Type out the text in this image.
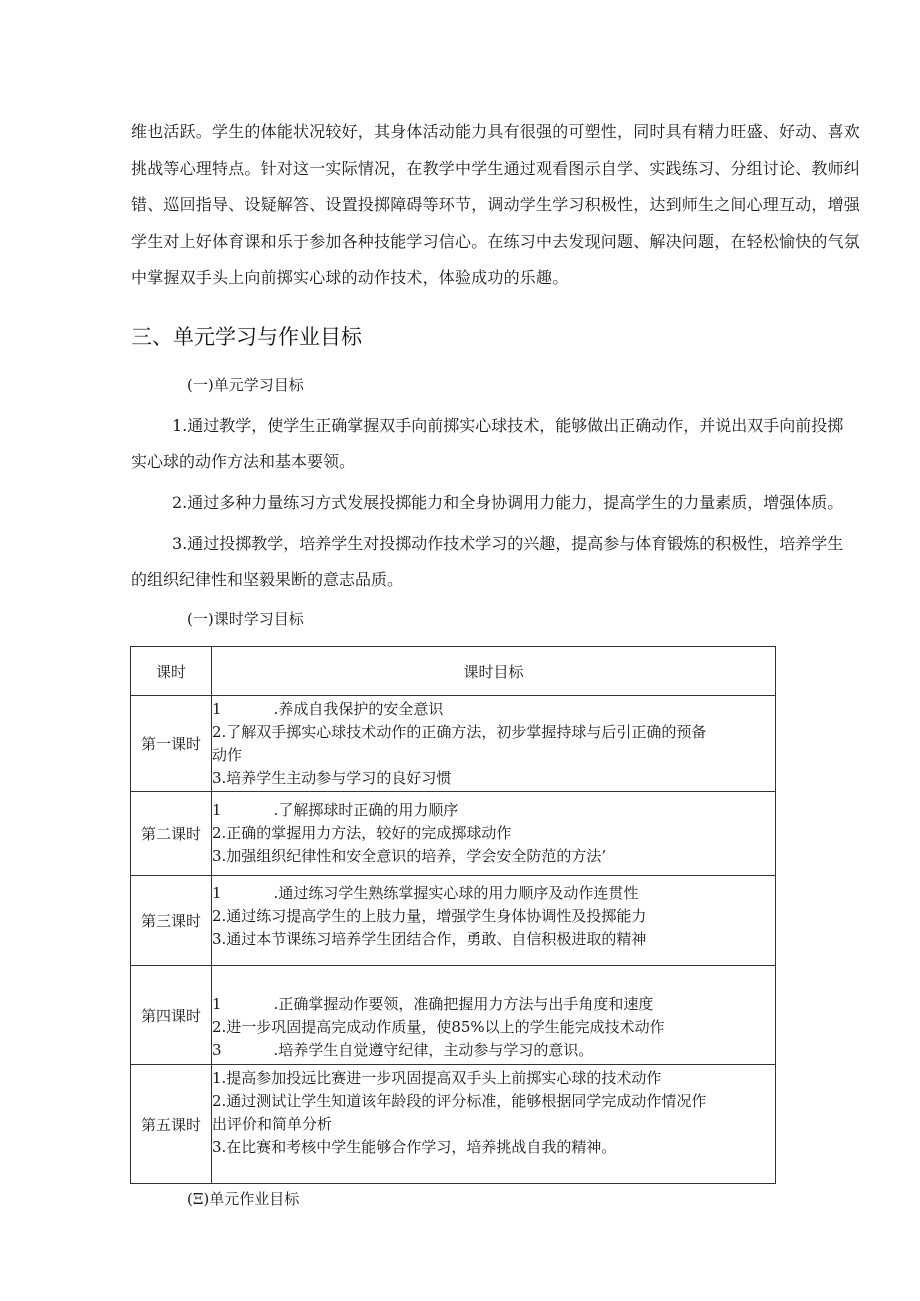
维也活跃。学生的体能状况较好，其身体活动能力具有很强的可塑性，同时具有精力旺盛、好动、喜欢
挑战等心理特点。针对这一实际情况，在教学中学生通过观看图示自学、实践练习、分组讨论、教师纠
错、巡回指导、设疑解答、设置投掷障碍等环节，调动学生学习积极性，达到师生之间心理互动，增强
学生对上好体育课和乐于参加各种技能学习信心。在练习中去发现问题、解决问题，在轻松愉快的气氛
中掌握双手头上向前掷实心球的动作技术，体验成功的乐趣。
三、单元学习与作业目标
(一)单元学习目标
1.通过教学，使学生正确掌握双手向前掷实心球技术，能够做出正确动作，并说出双手向前投掷
实心球的动作方法和基本要领。
2.通过多种力量练习方式发展投掷能力和全身协调用力能力，提高学生的力量素质，增强体质。
3.通过投掷教学，培养学生对投掷动作技术学习的兴趣，提高参与体育锻炼的积极性，培养学生
的组织纪律性和坚毅果断的意志品质。
(一)课时学习目标
课时	课时目标
第一课时	1 .养成自我保护的安全意识
2.了解双手掷实心球技术动作的正确方法，初步掌握持球与后引正确的预备
动作
3.培养学生主动参与学习的良好习惯

第二课时	1 .了解掷球时正确的用力顺序
2.正确的掌握用力方法，较好的完成掷球动作
3.加强组织纪律性和安全意识的培养，学会安全防范的方法’

第三课时	1 .通过练习学生熟练掌握实心球的用力顺序及动作连贯性
2.通过练习提高学生的上肢力量，增强学生身体协调性及投掷能力
3.通过本节课练习培养学生团结合作，勇敢、自信积极进取的精神

第四课时	1 .正确掌握动作要领，准确把握用力方法与出手角度和速度
2.进一步巩固提高完成动作质量，使85%以上的学生能完成技术动作
3 .培养学生自觉遵守纪律，主动参与学习的意识。

第五课时	1.提高参加投远比赛进一步巩固提高双手头上前掷实心球的技术动作
2.通过测试让学生知道该年龄段的评分标准，能够根据同学完成动作情况作
出评价和简单分析
3.在比赛和考核中学生能够合作学习，培养挑战自我的精神。
(Ξ)单元作业目标
